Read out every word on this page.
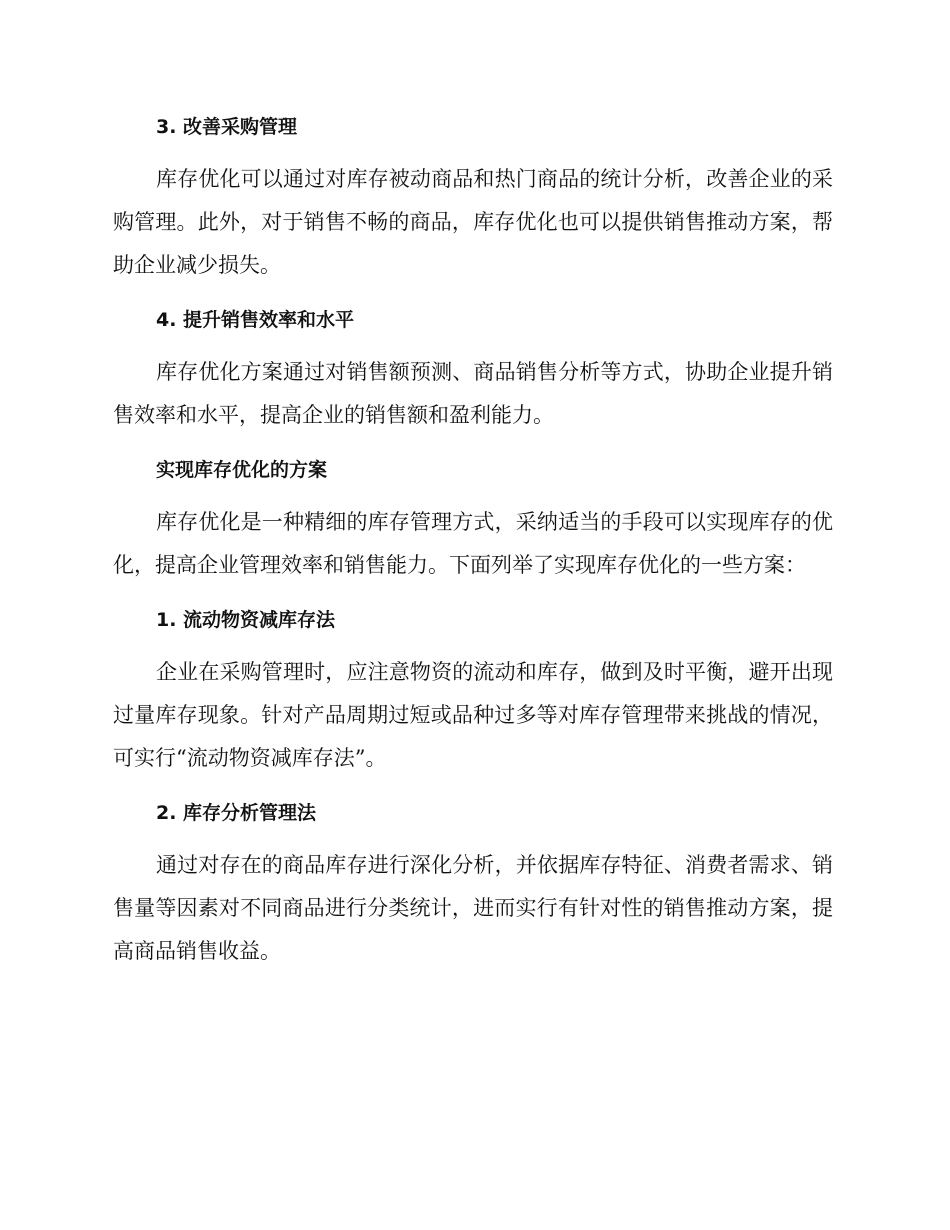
3. 改善采购管理

库存优化可以通过对库存被动商品和热门商品的统计分析，改善企业的采购管理。此外，对于销售不畅的商品，库存优化也可以提供销售推动方案，帮助企业减少损失。

4. 提升销售效率和水平

库存优化方案通过对销售额预测、商品销售分析等方式，协助企业提升销售效率和水平，提高企业的销售额和盈利能力。

实现库存优化的方案

库存优化是一种精细的库存管理方式，采纳适当的手段可以实现库存的优化，提高企业管理效率和销售能力。下面列举了实现库存优化的一些方案：

1. 流动物资减库存法

企业在采购管理时，应注意物资的流动和库存，做到及时平衡，避开出现过量库存现象。针对产品周期过短或品种过多等对库存管理带来挑战的情况，可实行“流动物资减库存法”。

2. 库存分析管理法

通过对存在的商品库存进行深化分析，并依据库存特征、消费者需求、销售量等因素对不同商品进行分类统计，进而实行有针对性的销售推动方案，提高商品销售收益。
